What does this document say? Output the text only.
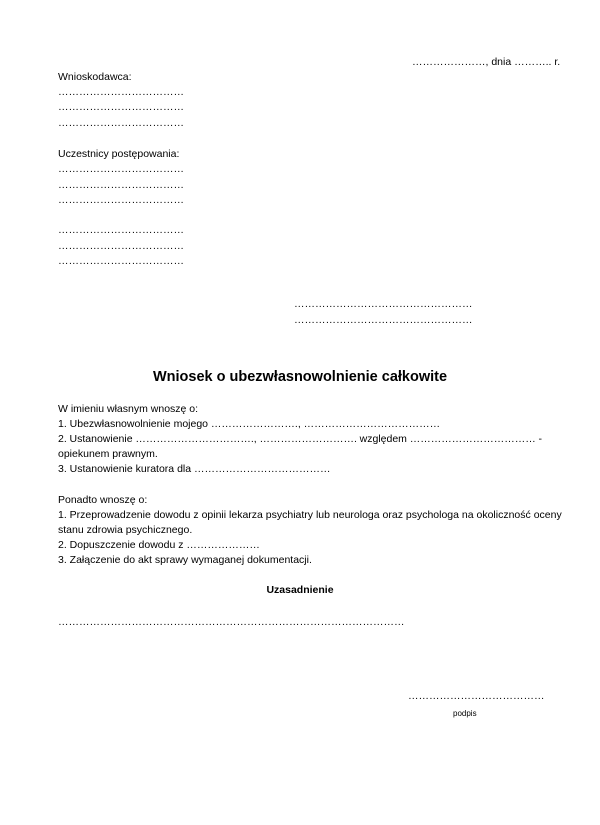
…………………, dnia ……….. r.
Wnioskodawca:
………………………………
………………………………
………………………………
Uczestnicy postępowania:
………………………………
………………………………
………………………………
………………………………
………………………………
………………………………
……………………………………………
……………………………………………
Wniosek o ubezwłasnowolnienie całkowite
W imieniu własnym wnoszę o:
1. Ubezwłasnowolnienie mojego ……………………., …………………………………
2. Ustanowienie ……………………………., ………………………. względem ……………………………… -
opiekunem prawnym.
3. Ustanowienie kuratora dla …………………………………
Ponadto wnoszę o:
1. Przeprowadzenie dowodu z opinii lekarza psychiatry lub neurologa oraz psychologa na okoliczność oceny
stanu zdrowia psychicznego.
2. Dopuszczenie dowodu z …………………
3. Załączenie do akt sprawy wymaganej dokumentacji.
Uzasadnienie
………………………………………………………………………………………
…………………………………
podpis
